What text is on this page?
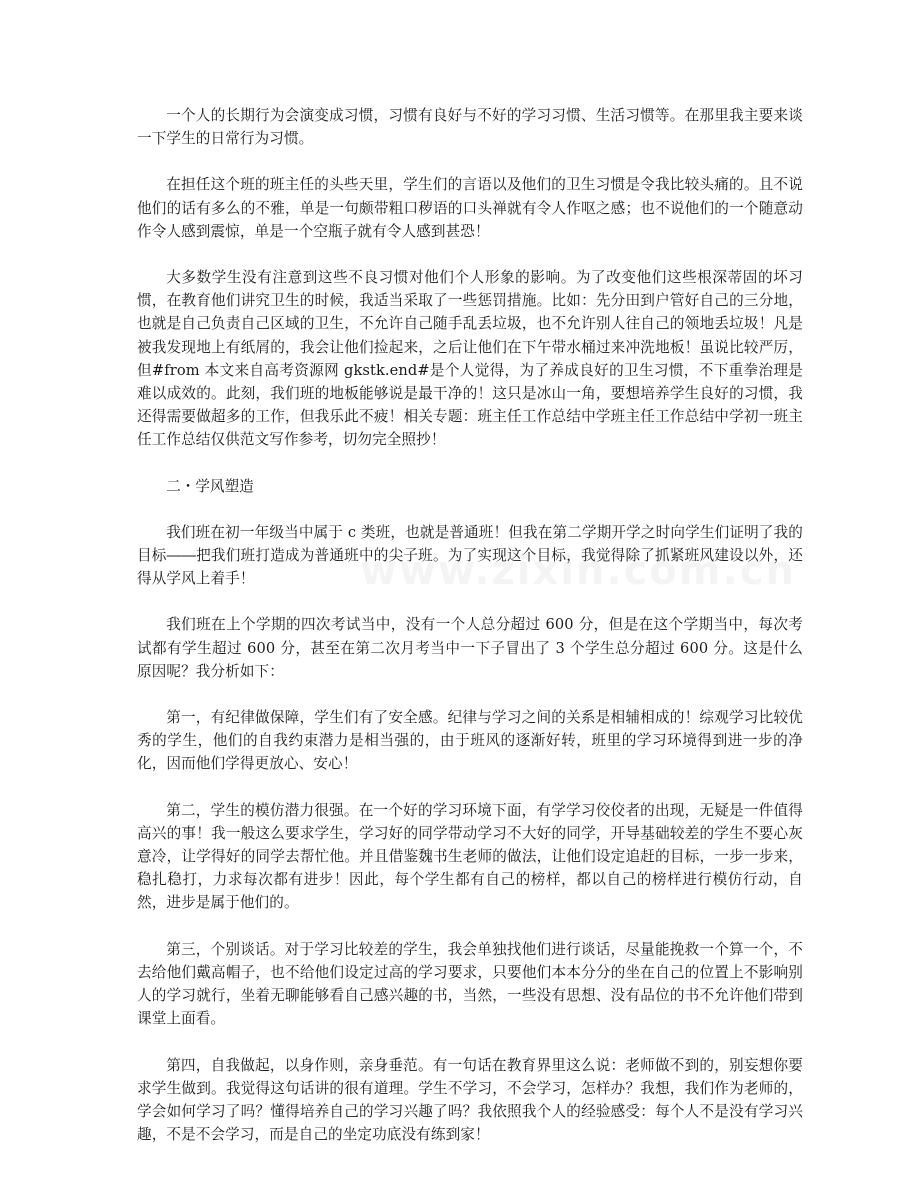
一个人的长期行为会演变成习惯，习惯有良好与不好的学习习惯、生活习惯等。在那里我主要来谈一下学生的日常行为习惯。

在担任这个班的班主任的头些天里，学生们的言语以及他们的卫生习惯是令我比较头痛的。且不说他们的话有多么的不雅，单是一句颇带粗口秽语的口头禅就有令人作呕之感；也不说他们的一个随意动作令人感到震惊，单是一个空瓶子就有令人感到甚恐！

大多数学生没有注意到这些不良习惯对他们个人形象的影响。为了改变他们这些根深蒂固的坏习惯，在教育他们讲究卫生的时候，我适当采取了一些惩罚措施。比如：先分田到户管好自己的三分地，也就是自己负责自己区域的卫生，不允许自己随手乱丢垃圾，也不允许别人往自己的领地丢垃圾！凡是被我发现地上有纸屑的，我会让他们捡起来，之后让他们在下午带水桶过来冲洗地板！虽说比较严厉，但#from 本文来自高考资源网 gkstk.end#是个人觉得，为了养成良好的卫生习惯，不下重拳治理是难以成效的。此刻，我们班的地板能够说是最干净的！这只是冰山一角，要想培养学生良好的习惯，我还得需要做超多的工作，但我乐此不疲！相关专题：班主任工作总结中学班主任工作总结中学初一班主任工作总结仅供范文写作参考，切勿完全照抄！

二・学风塑造

我们班在初一年级当中属于 c 类班，也就是普通班！但我在第二学期开学之时向学生们证明了我的目标――把我们班打造成为普通班中的尖子班。为了实现这个目标，我觉得除了抓紧班风建设以外，还得从学风上着手！

我们班在上个学期的四次考试当中，没有一个人总分超过 600 分，但是在这个学期当中，每次考试都有学生超过 600 分，甚至在第二次月考当中一下子冒出了 3 个学生总分超过 600 分。这是什么原因呢？我分析如下：

第一，有纪律做保障，学生们有了安全感。纪律与学习之间的关系是相辅相成的！综观学习比较优秀的学生，他们的自我约束潜力是相当强的，由于班风的逐渐好转，班里的学习环境得到进一步的净化，因而他们学得更放心、安心！

第二，学生的模仿潜力很强。在一个好的学习环境下面，有学学习佼佼者的出现，无疑是一件值得高兴的事！我一般这么要求学生，学习好的同学带动学习不大好的同学，开导基础较差的学生不要心灰意冷，让学得好的同学去帮忙他。并且借鉴魏书生老师的做法，让他们设定追赶的目标，一步一步来，稳扎稳打，力求每次都有进步！因此，每个学生都有自己的榜样，都以自己的榜样进行模仿行动，自然，进步是属于他们的。

第三，个别谈话。对于学习比较差的学生，我会单独找他们进行谈话，尽量能挽救一个算一个，不去给他们戴高帽子，也不给他们设定过高的学习要求，只要他们本本分分的坐在自己的位置上不影响别人的学习就行，坐着无聊能够看自己感兴趣的书，当然，一些没有思想、没有品位的书不允许他们带到课堂上面看。

第四，自我做起，以身作则，亲身垂范。有一句话在教育界里这么说：老师做不到的，别妄想你要求学生做到。我觉得这句话讲的很有道理。学生不学习，不会学习，怎样办？我想，我们作为老师的，学会如何学习了吗？懂得培养自己的学习兴趣了吗？我依照我个人的经验感受：每个人不是没有学习兴趣，不是不会学习，而是自己的坐定功底没有练到家！
